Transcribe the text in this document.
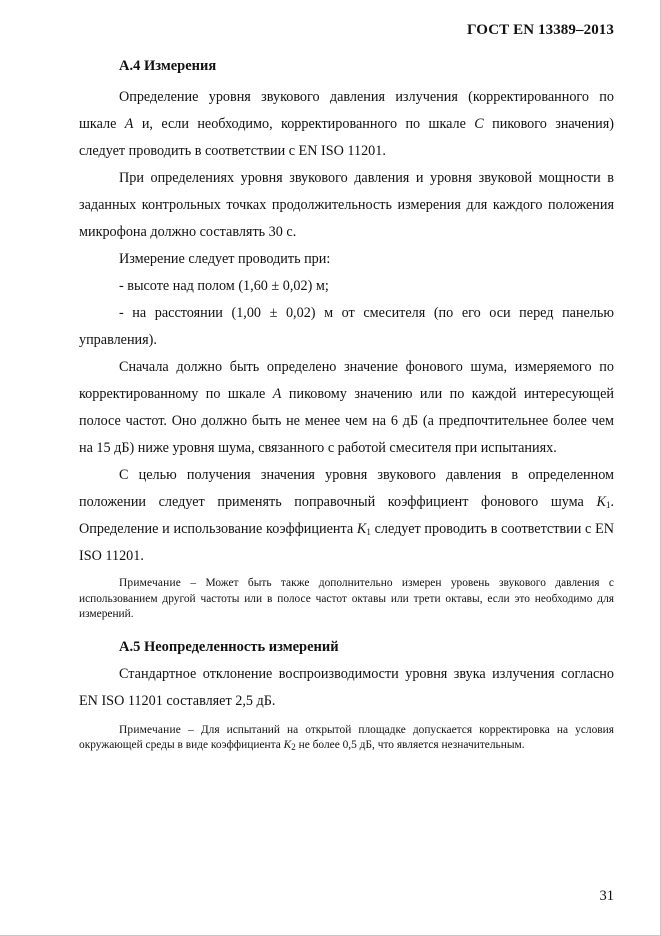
ГОСТ EN 13389–2013
А.4 Измерения

Определение уровня звукового давления излучения (корректированного по шкале A и, если необходимо, корректированного по шкале C пикового значения) следует проводить в соответствии с EN ISO 11201.

При определениях уровня звукового давления и уровня звуковой мощности в заданных контрольных точках продолжительность измерения для каждого положения микрофона должно составлять 30 с.

Измерение следует проводить при:

- высоте над полом (1,60 ± 0,02) м;

- на расстоянии (1,00 ± 0,02) м от смесителя (по его оси перед панелью управления).

Сначала должно быть определено значение фонового шума, измеряемого по корректированному по шкале A пиковому значению или по каждой интересующей полосе частот. Оно должно быть не менее чем на 6 дБ (а предпочтительнее более чем на 15 дБ) ниже уровня шума, связанного с работой смесителя при испытаниях.

С целью получения значения уровня звукового давления в определенном положении следует применять поправочный коэффициент фонового шума $K_1$. Определение и использование коэффициента $K_1$ следует проводить в соответствии с EN ISO 11201.

Примечание – Может быть также дополнительно измерен уровень звукового давления с использованием другой частоты или в полосе частот октавы или трети октавы, если это необходимо для измерений.

А.5 Неопределенность измерений

Стандартное отклонение воспроизводимости уровня звука излучения согласно EN ISO 11201 составляет 2,5 дБ.

Примечание – Для испытаний на открытой площадке допускается корректировка на условия окружающей среды в виде коэффициента $K_2$ не более 0,5 дБ, что является незначительным.

31
